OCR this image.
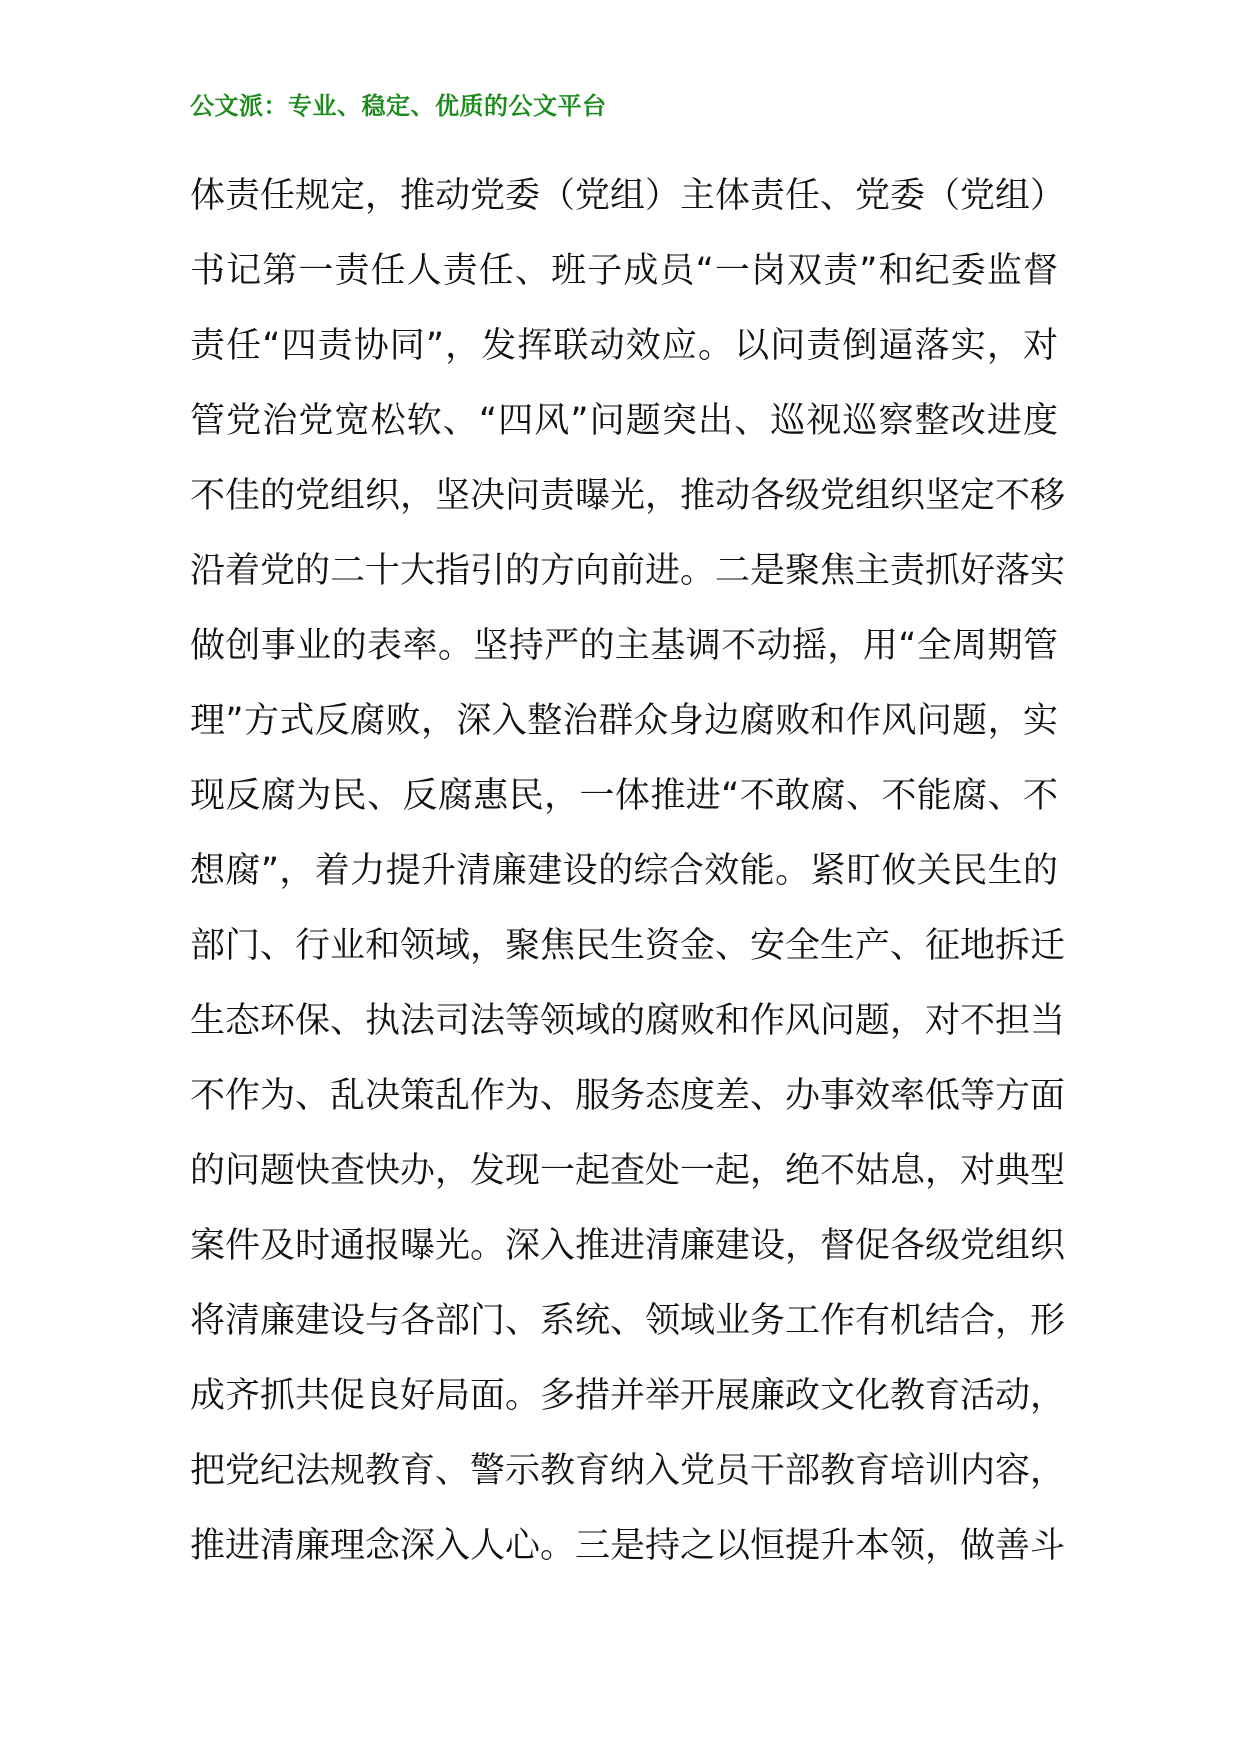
公文派：专业、稳定、优质的公文平台
体责任规定，推动党委（党组）主体责任、党委（党组）
书记第一责任人责任、班子成员“一岗双责”和纪委监督
责任“四责协同”，发挥联动效应。以问责倒逼落实，对
管党治党宽松软、“四风”问题突出、巡视巡察整改进度
不佳的党组织，坚决问责曝光，推动各级党组织坚定不移
沿着党的二十大指引的方向前进。二是聚焦主责抓好落实
做创事业的表率。坚持严的主基调不动摇，用“全周期管
理”方式反腐败，深入整治群众身边腐败和作风问题，实
现反腐为民、反腐惠民，一体推进“不敢腐、不能腐、不
想腐”，着力提升清廉建设的综合效能。紧盯攸关民生的
部门、行业和领域，聚焦民生资金、安全生产、征地拆迁
生态环保、执法司法等领域的腐败和作风问题，对不担当
不作为、乱决策乱作为、服务态度差、办事效率低等方面
的问题快查快办，发现一起查处一起，绝不姑息，对典型
案件及时通报曝光。深入推进清廉建设，督促各级党组织
将清廉建设与各部门、系统、领域业务工作有机结合，形
成齐抓共促良好局面。多措并举开展廉政文化教育活动，
把党纪法规教育、警示教育纳入党员干部教育培训内容，
推进清廉理念深入人心。三是持之以恒提升本领，做善斗
